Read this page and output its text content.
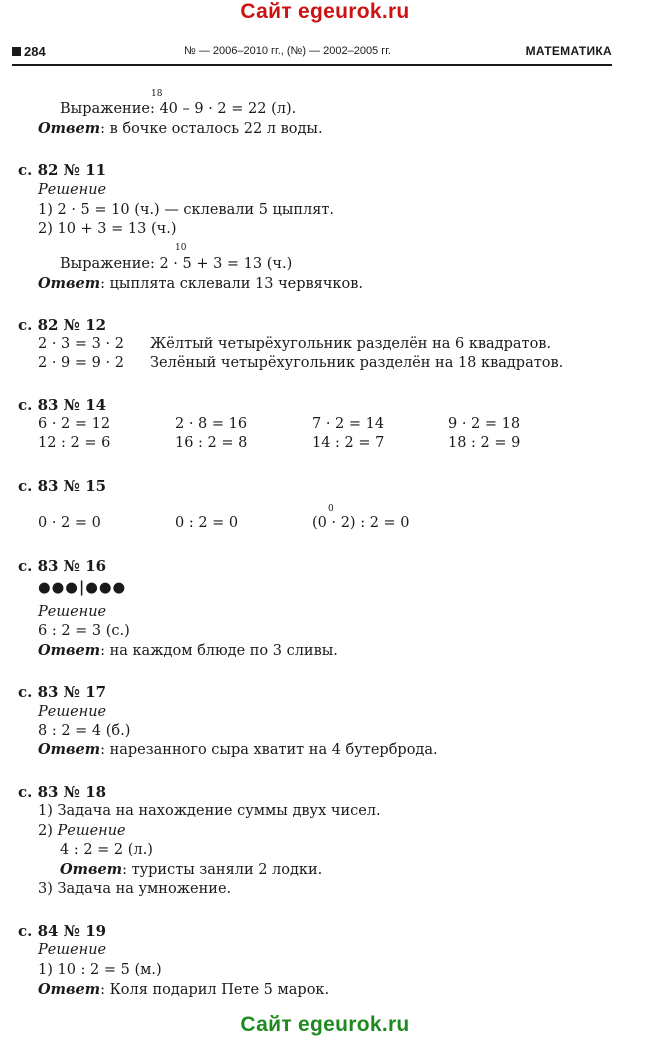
Сайт egeurok.ru
284	№ — 2006–2010 гг., (№) — 2002–2005 гг.	МАТЕМАТИКА
18
Выражение: 40 – 9 · 2 = 22 (л).
Ответ: в бочке осталось 22 л воды.
с. 82 № 11
Решение
1) 2 · 5 = 10 (ч.) — склевали 5 цыплят.
2) 10 + 3 = 13 (ч.)
10
Выражение: 2 · 5 + 3 = 13 (ч.)
Ответ: цыплята склевали 13 червячков.
с. 82 № 12
2 · 3 = 3 · 2 Жёлтый четырёхугольник разделён на 6 квадратов.
2 · 9 = 9 · 2 Зелёный четырёхугольник разделён на 18 квадратов.
с. 83 № 14
6 · 2 = 12	2 · 8 = 16	7 · 2 = 14	9 · 2 = 18
12 : 2 = 6	16 : 2 = 8	14 : 2 = 7	18 : 2 = 9
с. 83 № 15
0
0 · 2 = 0	0 : 2 = 0	(0 · 2) : 2 = 0
с. 83 № 16
●●●|●●●
Решение
6 : 2 = 3 (с.)
Ответ: на каждом блюде по 3 сливы.
с. 83 № 17
Решение
8 : 2 = 4 (б.)
Ответ: нарезанного сыра хватит на 4 бутерброда.
с. 83 № 18
1) Задача на нахождение суммы двух чисел.
2) Решение
4 : 2 = 2 (л.)
Ответ: туристы заняли 2 лодки.
3) Задача на умножение.
с. 84 № 19
Решение
1) 10 : 2 = 5 (м.)
Ответ: Коля подарил Пете 5 марок.
Сайт egeurok.ru
